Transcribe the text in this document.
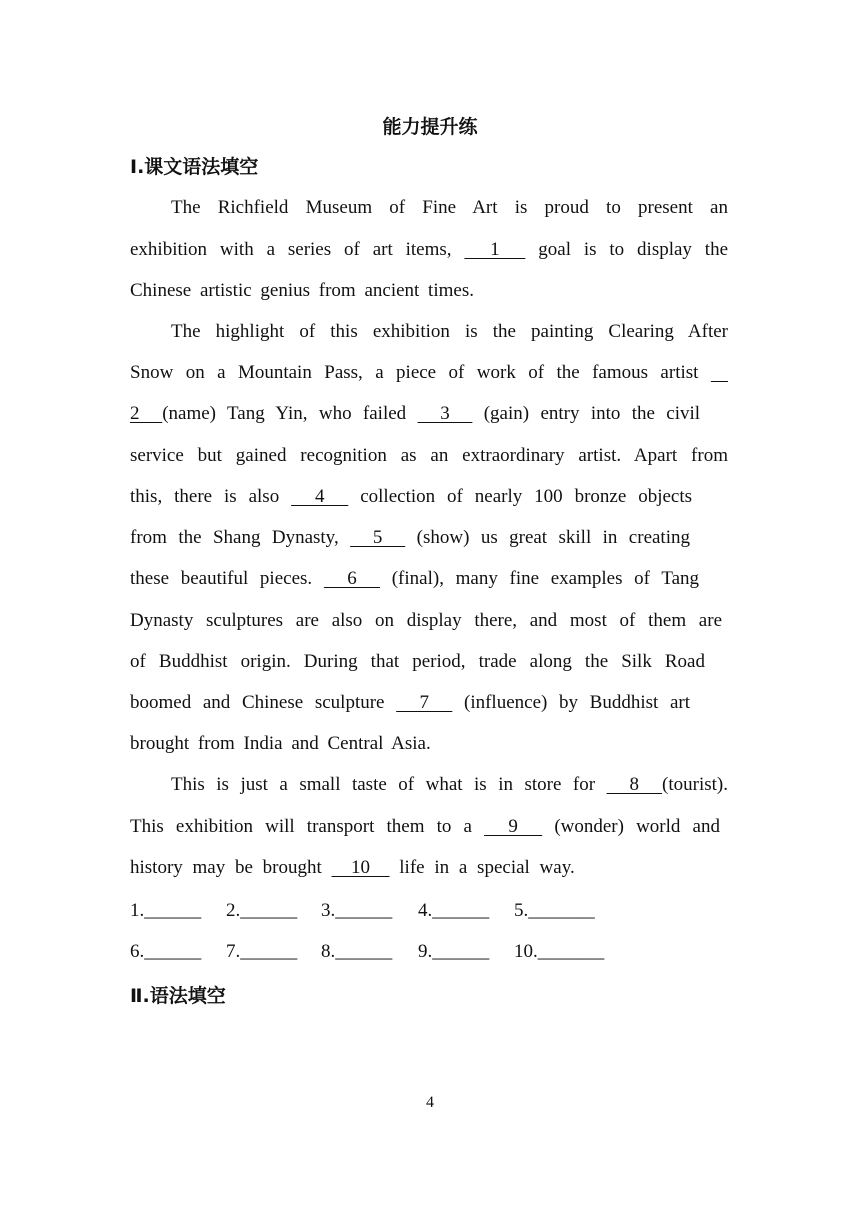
能力提升练
Ⅰ.课文语法填空
The Richfield Museum of Fine Art is proud to present an
exhibition with a series of art items,   1   goal is to display the
Chinese artistic genius from ancient times.
The highlight of this exhibition is the painting Clearing After
Snow on a Mountain Pass, a piece of work of the famous artist
2  (name) Tang Yin, who failed   3   (gain) entry into the civil
service but gained recognition as an extraordinary artist. Apart from
this, there is also   4   collection of nearly 100 bronze objects
from the Shang Dynasty,   5   (show) us great skill in creating
these beautiful pieces.   6   (final), many fine examples of Tang
Dynasty sculptures are also on display there, and most of them are
of Buddhist origin. During that period, trade along the Silk Road
boomed and Chinese sculpture   7   (influence) by Buddhist art
brought from India and Central Asia.
This is just a small taste of what is in store for   8  (tourist).
This exhibition will transport them to a   9   (wonder) world and
history may be brought   10   life in a special way.
1.______ 2.______ 3.______ 4.______ 5._______
6.______ 7.______ 8.______ 9.______ 10._______
Ⅱ.语法填空
4
